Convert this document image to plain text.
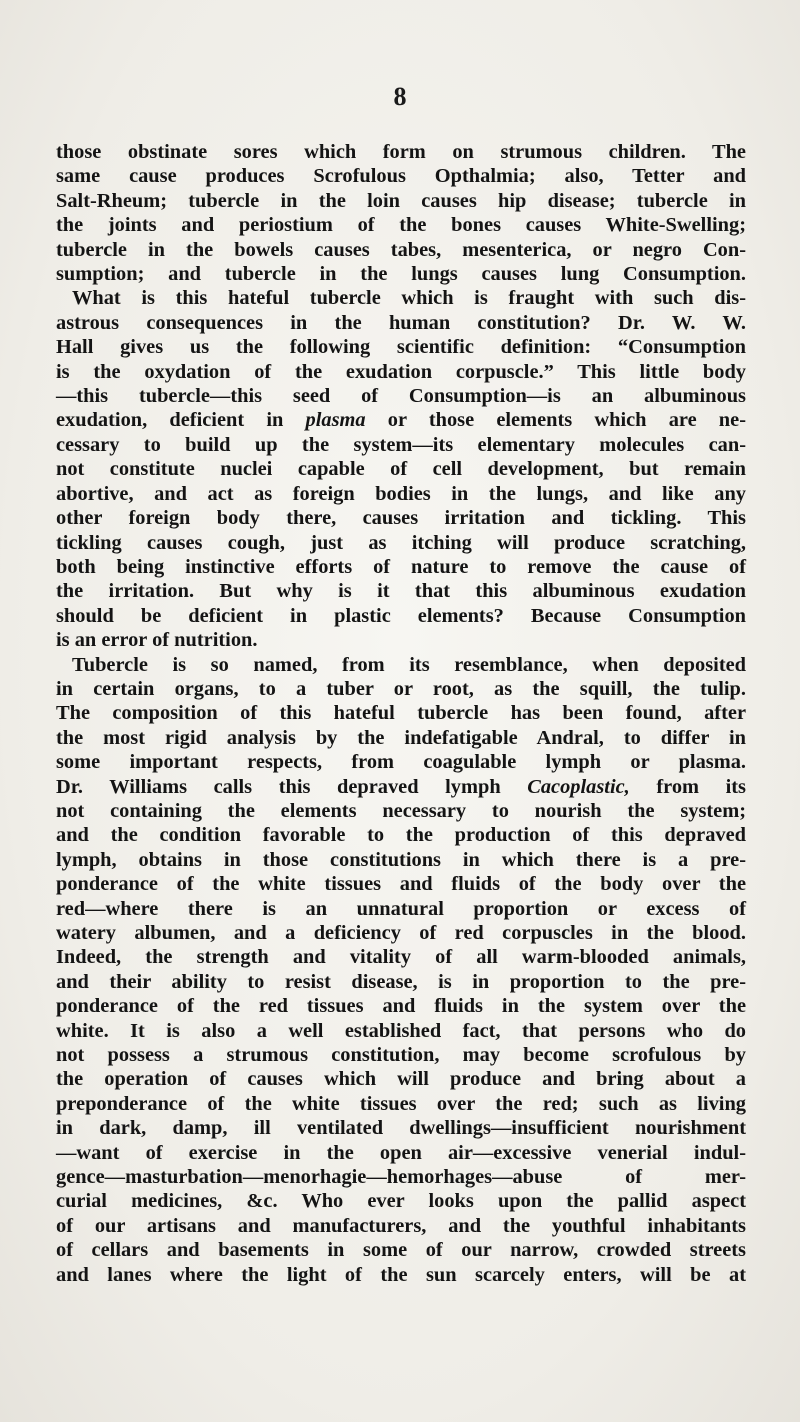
8
those obstinate sores which form on strumous children. The
same cause produces Scrofulous Opthalmia; also, Tetter and
Salt-Rheum; tubercle in the loin causes hip disease; tubercle in
the joints and periostium of the bones causes White-Swelling;
tubercle in the bowels causes tabes, mesenterica, or negro Con-
sumption; and tubercle in the lungs causes lung Consumption.
What is this hateful tubercle which is fraught with such dis-
astrous consequences in the human constitution? Dr. W. W.
Hall gives us the following scientific definition: “Consumption
is the oxydation of the exudation corpuscle.” This little body
—this tubercle—this seed of Consumption—is an albuminous
exudation, deficient in plasma or those elements which are ne-
cessary to build up the system—its elementary molecules can-
not constitute nuclei capable of cell development, but remain
abortive, and act as foreign bodies in the lungs, and like any
other foreign body there, causes irritation and tickling. This
tickling causes cough, just as itching will produce scratching,
both being instinctive efforts of nature to remove the cause of
the irritation. But why is it that this albuminous exudation
should be deficient in plastic elements? Because Consumption
is an error of nutrition.
Tubercle is so named, from its resemblance, when deposited
in certain organs, to a tuber or root, as the squill, the tulip.
The composition of this hateful tubercle has been found, after
the most rigid analysis by the indefatigable Andral, to differ in
some important respects, from coagulable lymph or plasma.
Dr. Williams calls this depraved lymph Cacoplastic, from its
not containing the elements necessary to nourish the system;
and the condition favorable to the production of this depraved
lymph, obtains in those constitutions in which there is a pre-
ponderance of the white tissues and fluids of the body over the
red—where there is an unnatural proportion or excess of
watery albumen, and a deficiency of red corpuscles in the blood.
Indeed, the strength and vitality of all warm-blooded animals,
and their ability to resist disease, is in proportion to the pre-
ponderance of the red tissues and fluids in the system over the
white. It is also a well established fact, that persons who do
not possess a strumous constitution, may become scrofulous by
the operation of causes which will produce and bring about a
preponderance of the white tissues over the red; such as living
in dark, damp, ill ventilated dwellings—insufficient nourishment
—want of exercise in the open air—excessive venerial indul-
gence—masturbation—menorhagie—hemorhages—abuse of mer-
curial medicines, &c. Who ever looks upon the pallid aspect
of our artisans and manufacturers, and the youthful inhabitants
of cellars and basements in some of our narrow, crowded streets
and lanes where the light of the sun scarcely enters, will be at
